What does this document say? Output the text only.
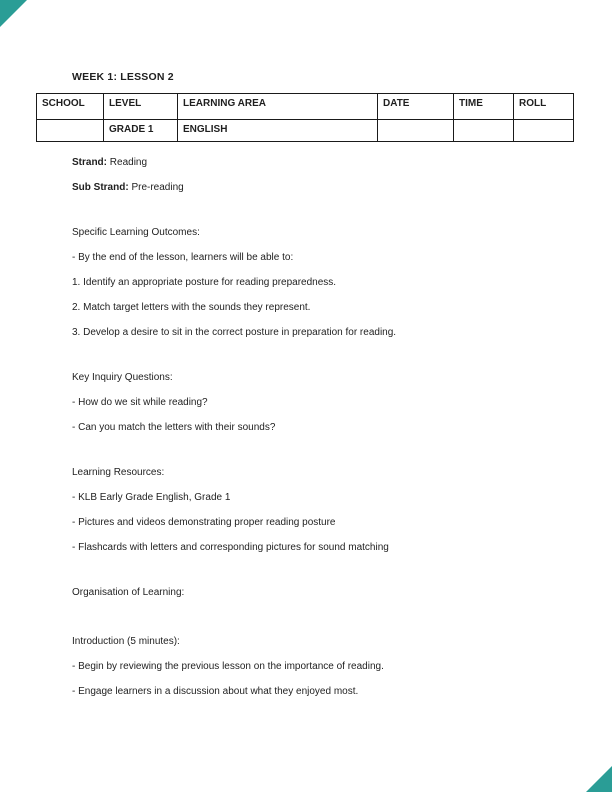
WEEK 1: LESSON 2
SCHOOL	LEVEL	LEARNING AREA	DATE	TIME	ROLL
	GRADE 1	ENGLISH			

Strand: Reading

Sub Strand: Pre-reading

Specific Learning Outcomes:

- By the end of the lesson, learners will be able to:

1. Identify an appropriate posture for reading preparedness.

2. Match target letters with the sounds they represent.

3. Develop a desire to sit in the correct posture in preparation for reading.

Key Inquiry Questions:

- How do we sit while reading?

- Can you match the letters with their sounds?

Learning Resources:

- KLB Early Grade English, Grade 1

- Pictures and videos demonstrating proper reading posture

- Flashcards with letters and corresponding pictures for sound matching

Organisation of Learning:

Introduction (5 minutes):

- Begin by reviewing the previous lesson on the importance of reading.

- Engage learners in a discussion about what they enjoyed most.
